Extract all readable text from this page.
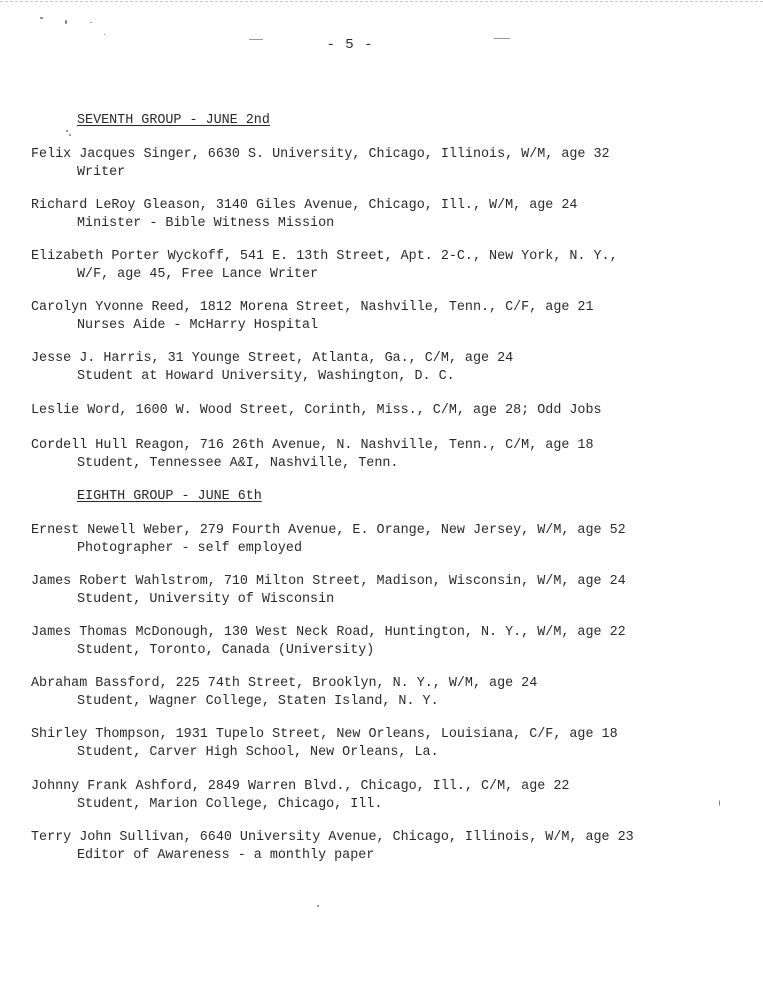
- 5 -
SEVENTH GROUP - JUNE 2nd
Felix Jacques Singer, 6630 S. University, Chicago, Illinois, W/M, age 32
Writer
Richard LeRoy Gleason, 3140 Giles Avenue, Chicago, Ill., W/M, age 24
Minister - Bible Witness Mission
Elizabeth Porter Wyckoff, 541 E. 13th Street, Apt. 2-C., New York, N. Y.,
W/F, age 45, Free Lance Writer
Carolyn Yvonne Reed, 1812 Morena Street, Nashville, Tenn., C/F, age 21
Nurses Aide - McHarry Hospital
Jesse J. Harris, 31 Younge Street, Atlanta, Ga., C/M, age 24
Student at Howard University, Washington, D. C.
Leslie Word, 1600 W. Wood Street, Corinth, Miss., C/M, age 28; Odd Jobs
Cordell Hull Reagon, 716 26th Avenue, N. Nashville, Tenn., C/M, age 18
Student, Tennessee A&I, Nashville, Tenn.
EIGHTH GROUP - JUNE 6th
Ernest Newell Weber, 279 Fourth Avenue, E. Orange, New Jersey, W/M, age 52
Photographer - self employed
James Robert Wahlstrom, 710 Milton Street, Madison, Wisconsin, W/M, age 24
Student, University of Wisconsin
James Thomas McDonough, 130 West Neck Road, Huntington, N. Y., W/M, age 22
Student, Toronto, Canada (University)
Abraham Bassford, 225 74th Street, Brooklyn, N. Y., W/M, age 24
Student, Wagner College, Staten Island, N. Y.
Shirley Thompson, 1931 Tupelo Street, New Orleans, Louisiana, C/F, age 18
Student, Carver High School, New Orleans, La.
Johnny Frank Ashford, 2849 Warren Blvd., Chicago, Ill., C/M, age 22
Student, Marion College, Chicago, Ill.
Terry John Sullivan, 6640 University Avenue, Chicago, Illinois, W/M, age 23
Editor of Awareness - a monthly paper
